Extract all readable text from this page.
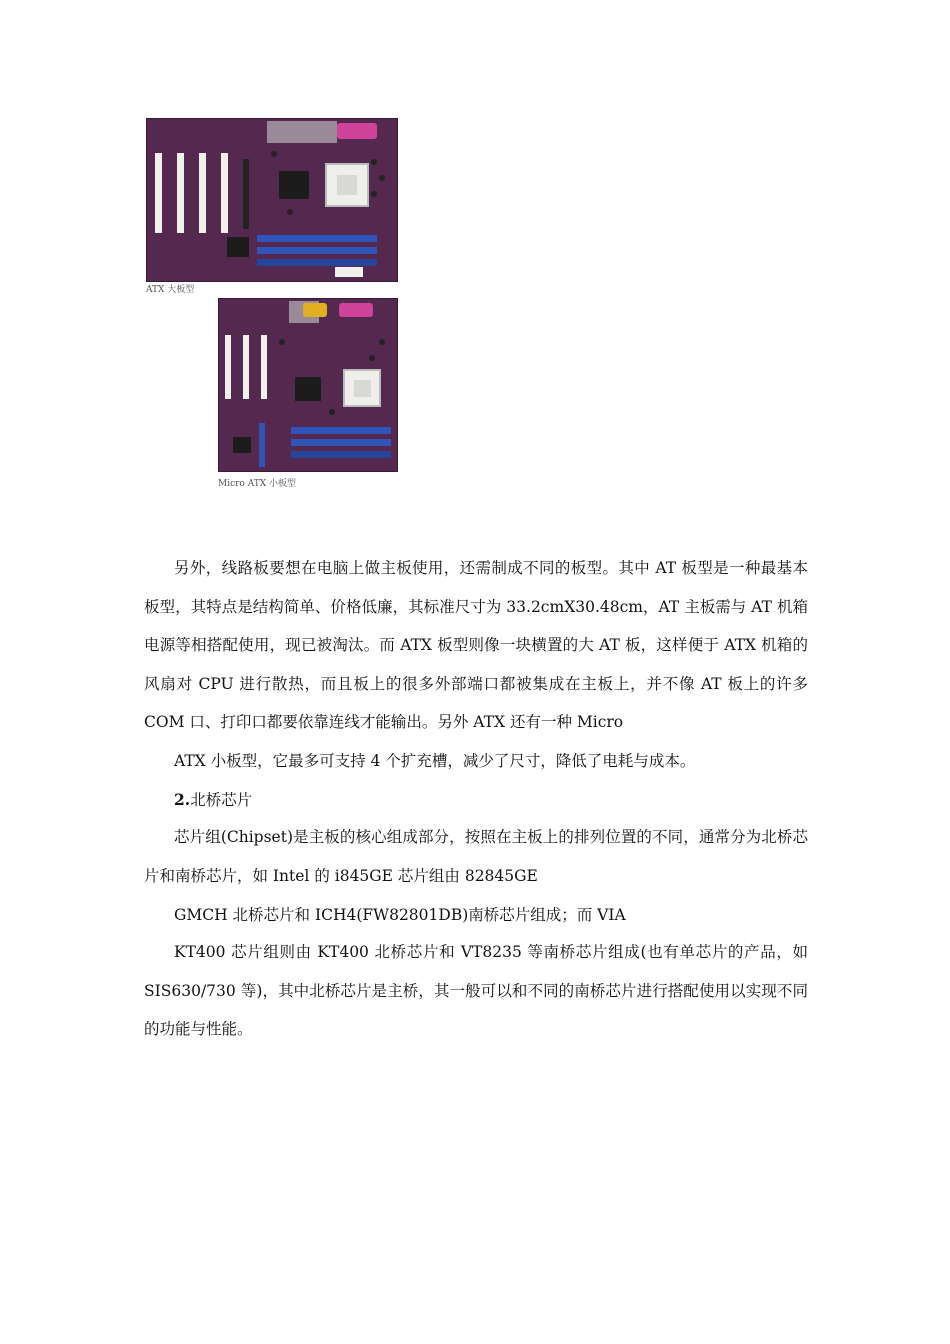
ATX 大板型
Micro ATX 小板型

另外，线路板要想在电脑上做主板使用，还需制成不同的板型。其中 AT 板型是一种最基本板型，其特点是结构简单、价格低廉，其标准尺寸为 33.2cmX30.48cm，AT 主板需与 AT 机箱电源等相搭配使用，现已被淘汰。而 ATX 板型则像一块横置的大 AT 板，这样便于 ATX 机箱的风扇对 CPU 进行散热，而且板上的很多外部端口都被集成在主板上，并不像 AT 板上的许多 COM 口、打印口都要依靠连线才能输出。另外 ATX 还有一种 Micro

ATX 小板型，它最多可支持 4 个扩充槽，减少了尺寸，降低了电耗与成本。
2.北桥芯片

芯片组(Chipset)是主板的核心组成部分，按照在主板上的排列位置的不同，通常分为北桥芯片和南桥芯片，如 Intel 的 i845GE 芯片组由 82845GE

GMCH 北桥芯片和 ICH4(FW82801DB)南桥芯片组成；而 VIA

KT400 芯片组则由 KT400 北桥芯片和 VT8235 等南桥芯片组成(也有单芯片的产品，如 SIS630/730 等)，其中北桥芯片是主桥，其一般可以和不同的南桥芯片进行搭配使用以实现不同的功能与性能。
